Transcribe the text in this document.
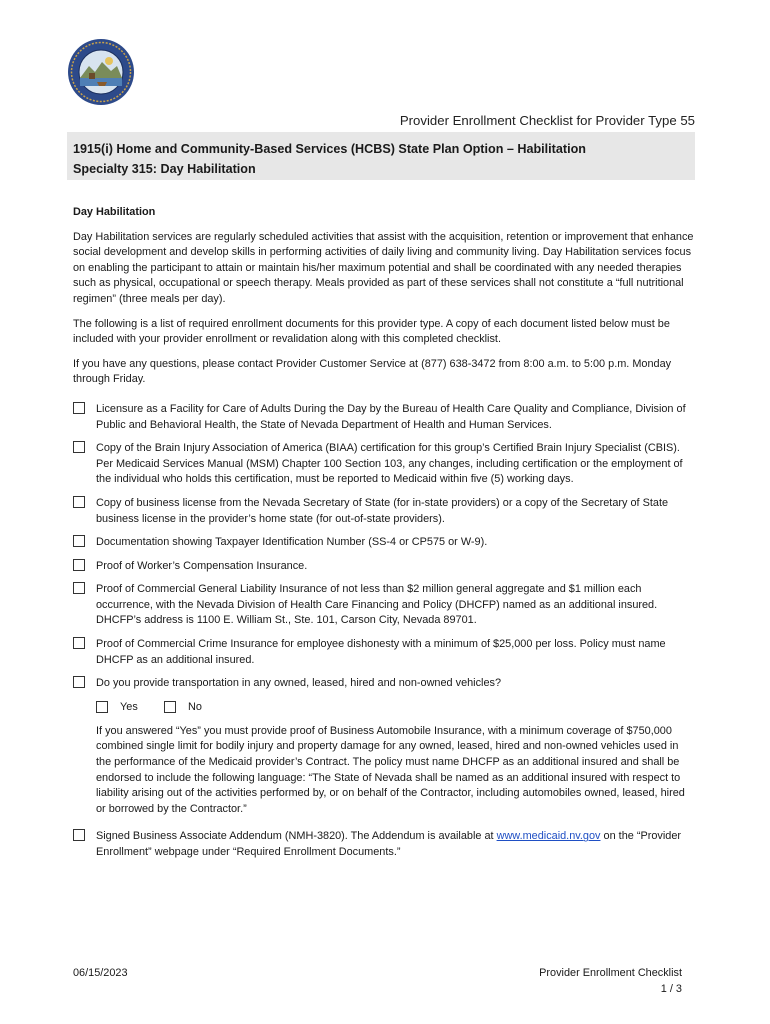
Provider Enrollment Checklist for Provider Type 55
1915(i) Home and Community-Based Services (HCBS) State Plan Option – Habilitation
Specialty 315: Day Habilitation
Day Habilitation

Day Habilitation services are regularly scheduled activities that assist with the acquisition, retention or improvement that enhance social development and develop skills in performing activities of daily living and community living. Day Habilitation services focus on enabling the participant to attain or maintain his/her maximum potential and shall be coordinated with any needed therapies such as physical, occupational or speech therapy. Meals provided as part of these services shall not constitute a “full nutritional regimen” (three meals per day).

The following is a list of required enrollment documents for this provider type. A copy of each document listed below must be included with your provider enrollment or revalidation along with this completed checklist.

If you have any questions, please contact Provider Customer Service at (877) 638-3472 from 8:00 a.m. to 5:00 p.m. Monday through Friday.

Licensure as a Facility for Care of Adults During the Day by the Bureau of Health Care Quality and Compliance, Division of Public and Behavioral Health, the State of Nevada Department of Health and Human Services.
Copy of the Brain Injury Association of America (BIAA) certification for this group’s Certified Brain Injury Specialist (CBIS). Per Medicaid Services Manual (MSM) Chapter 100 Section 103, any changes, including certification or the employment of the individual who holds this certification, must be reported to Medicaid within five (5) working days.
Copy of business license from the Nevada Secretary of State (for in-state providers) or a copy of the Secretary of State business license in the provider’s home state (for out-of-state providers).
Documentation showing Taxpayer Identification Number (SS-4 or CP575 or W-9).
Proof of Worker’s Compensation Insurance.
Proof of Commercial General Liability Insurance of not less than $2 million general aggregate and $1 million each occurrence, with the Nevada Division of Health Care Financing and Policy (DHCFP) named as an additional insured. DHCFP’s address is 1100 E. William St., Ste. 101, Carson City, Nevada 89701.
Proof of Commercial Crime Insurance for employee dishonesty with a minimum of $25,000 per loss. Policy must name DHCFP as an additional insured.
Do you provide transportation in any owned, leased, hired and non-owned vehicles?
Yes	No

If you answered “Yes” you must provide proof of Business Automobile Insurance, with a minimum coverage of $750,000 combined single limit for bodily injury and property damage for any owned, leased, hired and non-owned vehicles used in the performance of the Medicaid provider’s Contract. The policy must name DHCFP as an additional insured and shall be endorsed to include the following language: “The State of Nevada shall be named as an additional insured with respect to liability arising out of the activities performed by, or on behalf of the Contractor, including automobiles owned, leased, hired or borrowed by the Contractor.”

Signed Business Associate Addendum (NMH-3820). The Addendum is available at www.medicaid.nv.gov on the “Provider Enrollment” webpage under “Required Enrollment Documents.”
06/15/2023	Provider Enrollment Checklist
1 / 3
